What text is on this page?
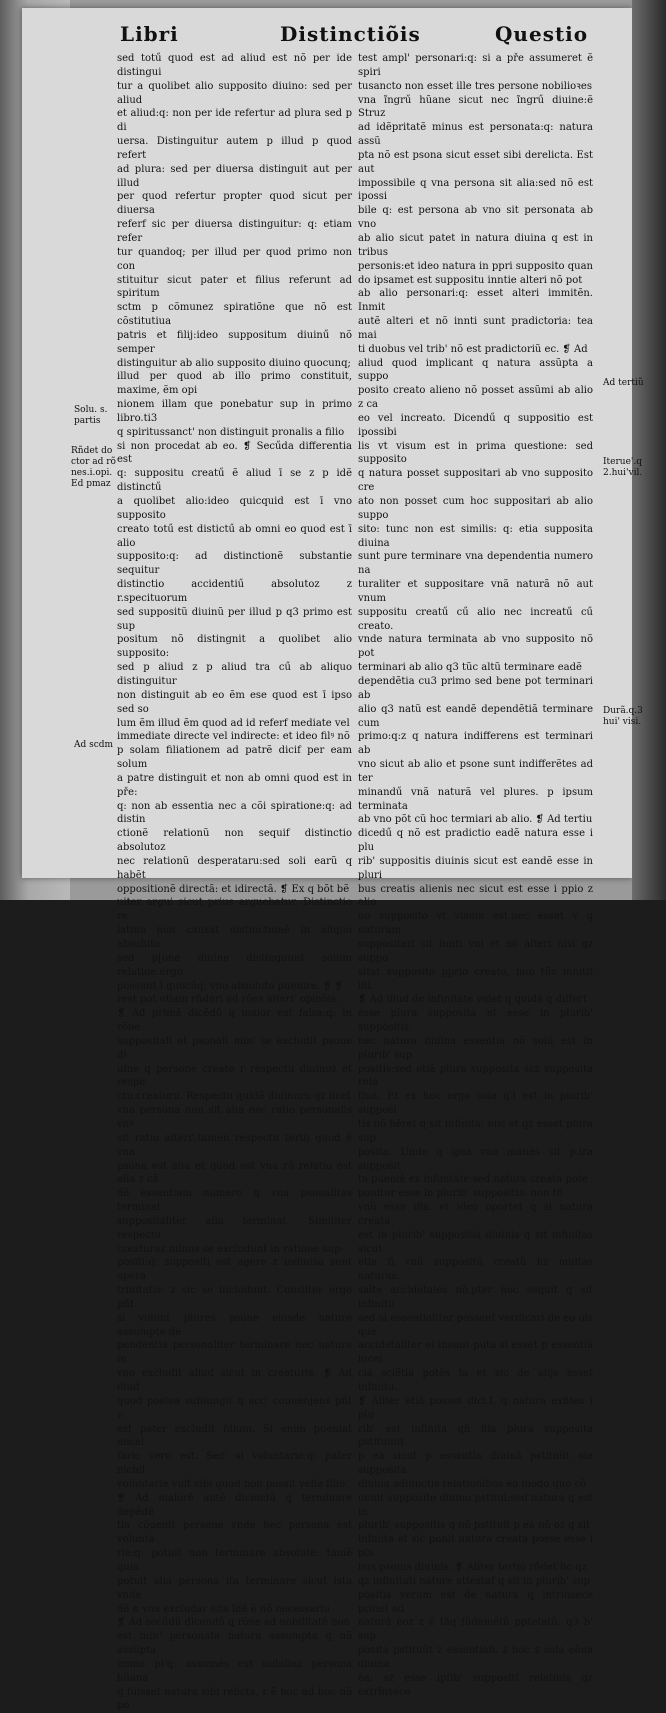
Libri	Distinctiõis	Questio

sed totű quod est ad aliud est nõ per ide distingui

tur a quolibet alio supposito diuino: sed per aliud

et aliud:q: non per ide refertur ad plura sed p di

uersa. Distinguitur autem p illud p quod refert

ad plura: sed per diuersa distinguit aut per illud

per quod refertur propter quod sicut per diuersa

referf sic per diuersa distinguitur: q: etiam refer

tur quandoq; per illud per quod primo non con

stituitur sicut pater et filius referunt ad spiritum

sctm p cõmunez spiratiõne que nõ est cõstitutiua

patris et filij:ideo suppositum diuinű nõ semper

distinguitur ab alio supposito diuino quocunq;

illud per quod ab illo primo constituit, maxime, ẽm opi

nionem illam que ponebatur sup in primo libro.ti3

q spiritussanct' non distinguit pronalis a filio

si non procedat ab eo. ❡ Secűda differentia est

q: suppositu creatű ẽ aliud ī se z p idẽ distinctű

a quolibet alio:ideo quicquid est ī vno supposito

creato totű est distictű ab omni eo quod est ī alio

supposito:q: ad distinctionẽ substantie sequitur

distinctio accidentiű absolutoz z r.specituorum

sed suppositũ diuinũ per illud p q3 primo est sup

positum nõ distingnit a quolibet alio supposito:

sed p aliud z p aliud tra cű ab aliquo distinguitur

non distinguit ab eo ẽm ese quod est ī ipso sed so

lum ẽm illud ẽm quod ad id referf mediate vel

immediate directe vel indirecte: et ideo filꝰ nõ

p solam filiationem ad patrẽ dicif per eam solum

a patre distinguit et non ab omni quod est in pře:

q: non ab essentia nec a cõi spiratione:q: ad distin

ctionẽ relationũ non sequif distinctio absolutoz

nec relationũ desperataru:sed soli earũ q habẽt

oppositionẽ directã: et idirectã. ❡ Ex q bõt bẽ

uiter argui sicut prius arguebatur. Distinctio re

latiua non causat distinctionẽ in aliquo absoluto

sed p[one diuine distinguunt solum relatiue.ergo

possunt i quocűq; vno absoluto puenire. ❡ ❡

rest pot etiam rñderi ad rões alteri' opinõis.

❡ Ad primã dicẽdű q maior est falsa:q: in rõne

suppositali et psonali min' se excludit psone di

uine q persone create r respectu diuinoz et respe

ctu creatoru. Respectu quidẽ diuinoru qz licet

vna persona non sit alia nec ratio personalis vnꝰ

sit ratio alteri',tamen respectu tertij quod ẽ vna

psona est alia et quod est vna rō relatio est alia z cã

dẽ essentiam numero q vna psonalitas terminat

suppositaliter alia terminat. Similiter respectu

creaturaz minus se excludunt in ratione sup-

positi:q: suppositi est agere z indiuisa sunt opera

trinitatis: z sic se includunt. Consilter ergo pñt

si volunt plures psone eiusde nature assumpte de

pendentia personaliter terminare nec natura in

vno excludit aliud sicut in creaturis. ❡ Ad illud

quod postea subiungit q acc' conuenjens pñt v:

est pater excludit filium. Si enim pueniat necel

fario veru est. Sec' si voluntarie:q: pater nichil

voluntarie vult sibi quod non possit velle filio.

❡ Ad maiorẽ autẽ dicendű q terminare depẽdẽ

tia cõuenit persone vnde hec persona est volunta

rie:q: potuit non terminare absolute: tamẽ quia

potuit alia persona ita terminare sicut ista vnde

dẽ n vna excludar ista ĩdẽ ẽ nõ necessariu

❡ Ad secűdũ dicendű q rõne ad nobilitatẽ non

est min' personata natura assumpta q nõ assũpta

immo pl'q: assumẽs est nobilioz persona hũana

q fuisset natura sibi relicta, r ẽ hoc ad hoc nõ po

test ampl' personari:q: si a pře assumeret ẽ spiri

tusancto non esset ille tres persone nobilioꝛes

vna ĩngrű hũane sicut nec ĩngrű diuine:ẽ Struz

ad idẽpritatẽ minus est personata:q: natura assũ

pta nõ est psona sicut esset sibi derelicta. Est aut

impossibile q vna persona sit alia:sed nõ est ipossi

bile q: est persona ab vno sit personata ab vno

ab alio sicut patet in natura diuina q est in tribus

personis:et ideo natura in ppri supposito quan

do ipsamet est suppositu inntie alteri nõ pot

ab alio personari:q: esset alteri immitẽn. Inmit

autẽ alteri et nõ innti sunt pradictoria: tea mai

ti duobus vel trib' nõ est pradictoriũ ec. ❡ Ad

aliud quod implicant q natura assũpta a suppo

posito creato alieno nõ posset assũmi ab alio z ca

eo vel increato. Dicendű q suppositio est ipossibi

lis vt visum est in prima questione: sed supposito

q natura posset suppositari ab vno supposito cre

ato non posset cum hoc suppositari ab alio suppo

sito: tunc non est similis: q: etia supposita diuina

sunt pure terminare vna dependentia numero na

turaliter et suppositare vnã naturã nõ aut vnum

suppositu creatű cű alio nec increatű cű creato.

vnde natura terminata ab vno supposito nõ pot

terminari ab alio q3 tũc altũ terminare eadẽ

dependẽtia cu3 primo sed bene pot terminari ab

alio q3 natũ est eandẽ dependẽtiã terminare cum

primo:q:z q natura indifferens est terminari ab

vno sicut ab alio et psone sunt indifferẽtes ad ter

minandű vnã naturã vel plures. p ipsum terminata

ab vno põt cũ hoc termiari ab alio. ❡ Ad tertiu

dicedű q nõ est pradictio eadẽ natura esse i plu

rib' suppositis diuinis sicut est eandẽ esse in pluri

bus creatis alienis nec sicut est esse i ppio z alio

no supposito vt visum est.nec esset v q naturam

suppositari sit innti vni et nõ alteri nisi qz suppo

sitat supposito pprio creato, imo tũc innitif illi.

❡ Ad illud de infinitate videt q quidã q differt

esse plura supposita et esse in plurib' suppositis.

nec natura diuina essentia nõ solũ est in plurib' sup

positis:sed etiã plura supposita scz supposita rela

tiua. Et ex hoc ergo sola q3 est in plurib' supposi

tis nõ hẽret q sit infinita: nisi et qz esset plura sup

posita. Unde q ipsa vna manẽs sit p.ira supposit

ta pueniẽ ex infinitate:sed natura creata pote

ponitur esse in plurib' suppositis: non tñ

vnũ esse illa. et ideo oportet q si natura creata

est in plurib' suppositis diuinis q sit infinitas sicut

etia ſi vnũ suppositũ creatũ hz multas naturas:

salte accidetales nõ,pter hoc sequit q sit infinitu

sed si essentialiter possent verificari de eo ois que

accidetaliter ei insunt puta si esset p essentiã lucei

cia sciẽtia potẽs ta et sic de alijs esset infinitu.

❡ Aliter etiã posset dici.f. q natura exñtes i plu

rib' est infinita qñ illa plura supposita pstituunt

p ea sicut p essentia diuinã pstituũt ola supposita

diuina adiunctis relationibus eo modo quo cõ

uenit supposito diuino pstitui:sed natura q est in

plurib' suppositis q nõ pstituit p ea nõ oz q sit

infinita et sic ponit natura creata posse esse i plu

bus psonis diuinis. ❡ Aliter tertio rñdet lic qz

qz infinitati nature attestaf q sit in plurib' sup

positis verum est de natura q intrinsece prinet ad

naturã eoz z ẽ tãq fũdamẽtũ pptetatũ: q3 b' sup

posita pstituũt z essentiali. z hoc z sola eẽna diuina

ẽa: sz esse ipſib' suppositĩ relatiuis qz extrĩnsece

Solu. s. partis
Rñdet do ctor ad rõ nes.i.opi. Ed pmaz
Ad scdm
Ad tertiũ
Iterue'.q 2.hui'vil.
Durã.q.3 hui' visi.
